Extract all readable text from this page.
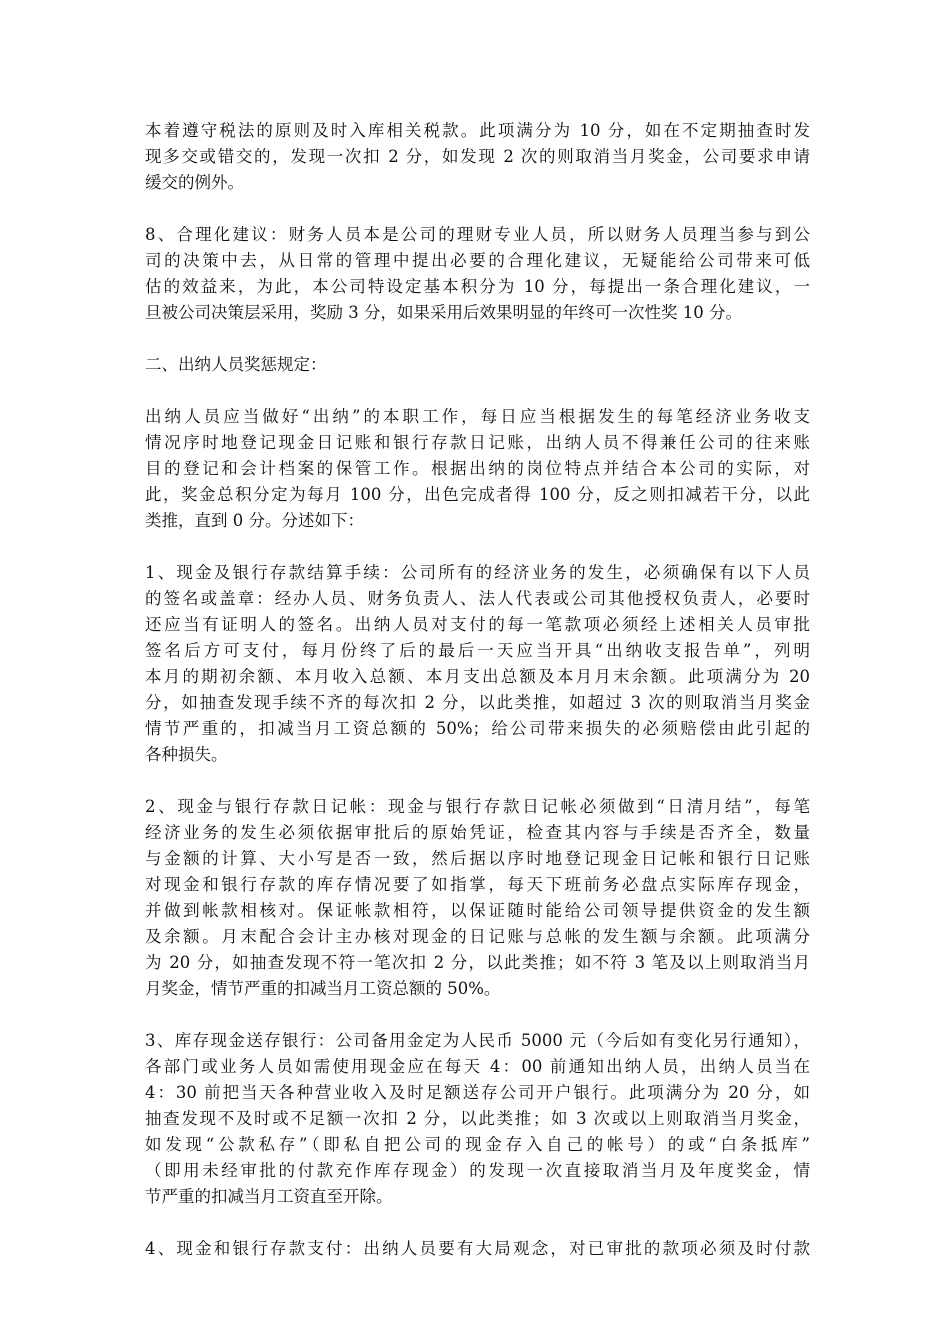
本着遵守税法的原则及时入库相关税款。此项满分为 10 分，如在不定期抽查时发
现多交或错交的，发现一次扣 2 分，如发现 2 次的则取消当月奖金，公司要求申请
缓交的例外。
8、合理化建议：财务人员本是公司的理财专业人员，所以财务人员理当参与到公
司的决策中去，从日常的管理中提出必要的合理化建议，无疑能给公司带来可低
估的效益来，为此，本公司特设定基本积分为 10 分，每提出一条合理化建议，一
旦被公司决策层采用，奖励 3 分，如果采用后效果明显的年终可一次性奖 10 分。
二、出纳人员奖惩规定：
出纳人员应当做好“出纳”的本职工作，每日应当根据发生的每笔经济业务收支
情况序时地登记现金日记账和银行存款日记账，出纳人员不得兼任公司的往来账
目的登记和会计档案的保管工作。根据出纳的岗位特点并结合本公司的实际，对
此，奖金总积分定为每月 100 分，出色完成者得 100 分，反之则扣减若干分，以此
类推，直到 0 分。分述如下：
1、现金及银行存款结算手续：公司所有的经济业务的发生，必须确保有以下人员
的签名或盖章：经办人员、财务负责人、法人代表或公司其他授权负责人，必要时
还应当有证明人的签名。出纳人员对支付的每一笔款项必须经上述相关人员审批
签名后方可支付，每月份终了后的最后一天应当开具“出纳收支报告单”，列明
本月的期初余额、本月收入总额、本月支出总额及本月月末余额。此项满分为 20
分，如抽查发现手续不齐的每次扣 2 分，以此类推，如超过 3 次的则取消当月奖金
情节严重的，扣减当月工资总额的 50%；给公司带来损失的必须赔偿由此引起的
各种损失。
2、现金与银行存款日记帐：现金与银行存款日记帐必须做到“日清月结”，每笔
经济业务的发生必须依据审批后的原始凭证，检查其内容与手续是否齐全，数量
与金额的计算、大小写是否一致，然后据以序时地登记现金日记帐和银行日记账
对现金和银行存款的库存情况要了如指掌，每天下班前务必盘点实际库存现金，
并做到帐款相核对。保证帐款相符，以保证随时能给公司领导提供资金的发生额
及余额。月末配合会计主办核对现金的日记账与总帐的发生额与余额。此项满分
为 20 分，如抽查发现不符一笔次扣 2 分，以此类推；如不符 3 笔及以上则取消当月
月奖金，情节严重的扣减当月工资总额的 50%。
3、库存现金送存银行：公司备用金定为人民币 5000 元（今后如有变化另行通知），
各部门或业务人员如需使用现金应在每天 4：00 前通知出纳人员，出纳人员当在
4：30 前把当天各种营业收入及时足额送存公司开户银行。此项满分为 20 分，如
抽查发现不及时或不足额一次扣 2 分，以此类推；如 3 次或以上则取消当月奖金，
如发现“公款私存”（即私自把公司的现金存入自己的帐号）的或“白条抵库”
（即用未经审批的付款充作库存现金）的发现一次直接取消当月及年度奖金，情
节严重的扣减当月工资直至开除。
4、现金和银行存款支付：出纳人员要有大局观念，对已审批的款项必须及时付款
